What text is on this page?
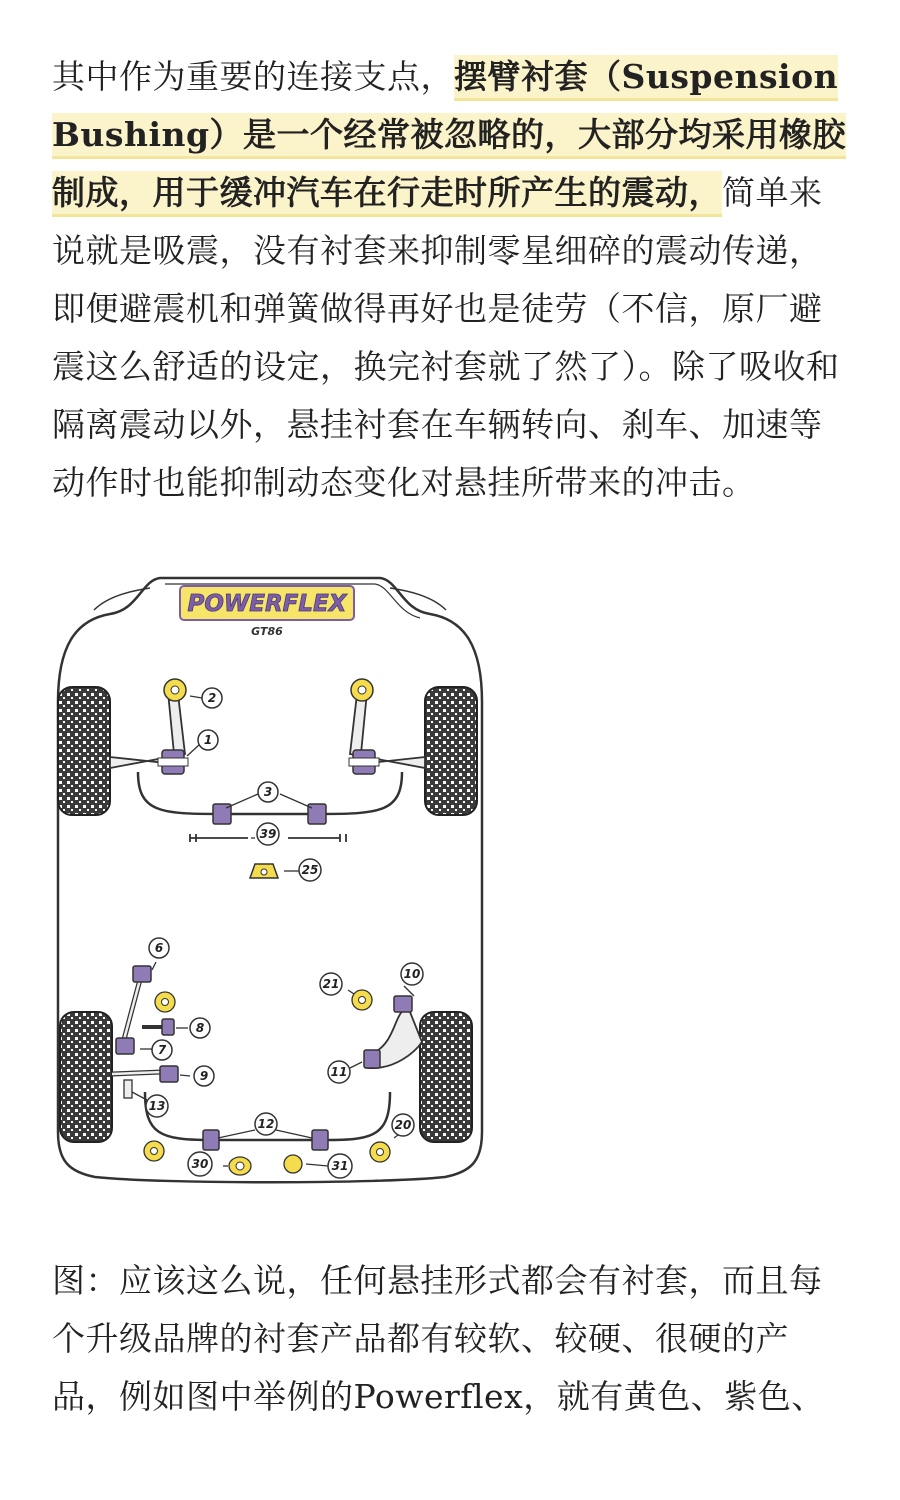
其中作为重要的连接支点，摆臂衬套（Suspension Bushing）是一个经常被忽略的，大部分均采用橡胶制成，用于缓冲汽车在行走时所产生的震动，简单来说就是吸震，没有衬套来抑制零星细碎的震动传递，即便避震机和弹簧做得再好也是徒劳（不信，原厂避震这么舒适的设定，换完衬套就了然了）。除了吸收和隔离震动以外，悬挂衬套在车辆转向、刹车、加速等动作时也能抑制动态变化对悬挂所带来的冲击。

POWERFLEX
GT86
2
1
3
39
25
6
7
8
9
13
21
10
11
12	20
30	31

图：应该这么说，任何悬挂形式都会有衬套，而且每个升级品牌的衬套产品都有较软、较硬、很硬的产品，例如图中举例的Powerflex，就有黄色、紫色、
